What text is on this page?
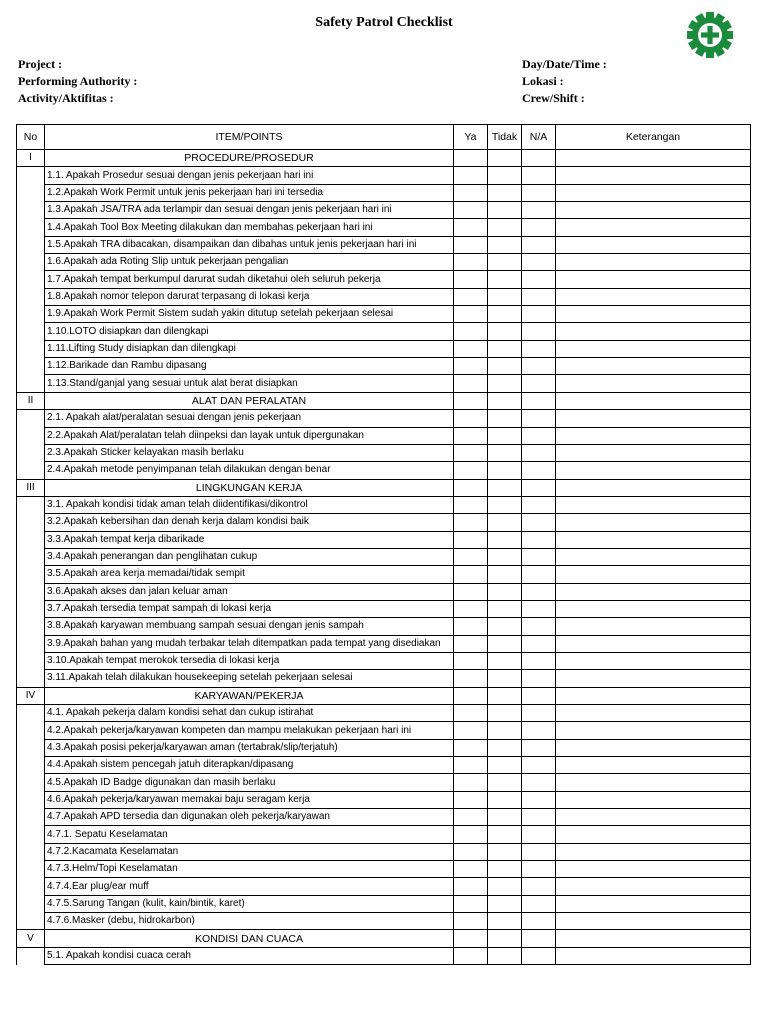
Safety Patrol Checklist
Project :
Performing Authority :
Activity/Aktifitas :
Day/Date/Time :
Lokasi :
Crew/Shift :
No	ITEM/POINTS	Ya	Tidak	N/A	Keterangan
I	PROCEDURE/PROSEDUR				
	1.1. Apakah Prosedur sesuai dengan jenis pekerjaan hari ini				
	1.2.Apakah Work Permit untuk jenis pekerjaan hari ini tersedia				
	1.3.Apakah JSA/TRA ada terlampir dan sesuai dengan jenis pekerjaan hari ini				
	1.4.Apakah Tool Box Meeting dilakukan dan membahas pekerjaan hari ini				
	1.5.Apakah TRA dibacakan, disampaikan dan dibahas untuk jenis pekerjaan hari ini				
	1.6.Apakah ada Roting Slip untuk pekerjaan pengalian				
	1.7.Apakah tempat berkumpul darurat sudah diketahui oleh seluruh pekerja				
	1.8.Apakah nomor telepon darurat terpasang di lokasi kerja				
	1.9.Apakah Work Permit Sistem sudah yakin ditutup setelah pekerjaan selesai				
	1.10.LOTO disiapkan dan dilengkapi				
	1.11.Lifting Study disiapkan dan dilengkapi				
	1.12.Barikade dan Rambu dipasang				
	1.13.Stand/ganjal yang sesuai untuk alat berat disiapkan				
II	ALAT DAN PERALATAN				
	2.1. Apakah alat/peralatan sesuai dengan jenis pekerjaan				
	2.2.Apakah Alat/peralatan telah diinpeksi dan layak untuk dipergunakan				
	2.3.Apakah Sticker kelayakan masih berlaku				
	2.4.Apakah metode penyimpanan telah dilakukan dengan benar				
III	LINGKUNGAN KERJA				
	3.1. Apakah kondisi tidak aman telah diidentifikasi/dikontrol				
	3.2.Apakah kebersihan dan denah kerja dalam kondisi baik				
	3.3.Apakah tempat kerja dibarikade				
	3.4.Apakah penerangan dan penglihatan cukup				
	3.5.Apakah area kerja memadai/tidak sempit				
	3.6.Apakah akses dan jalan keluar aman				
	3.7.Apakah tersedia tempat sampah di lokasi kerja				
	3.8.Apakah karyawan membuang sampah sesuai dengan jenis sampah				
	3.9.Apakah bahan yang mudah terbakar telah ditempatkan pada tempat yang disediakan				
	3.10.Apakah tempat merokok tersedia di lokasi kerja				
	3.11.Apakah telah dilakukan housekeeping setelah pekerjaan selesai				
IV	KARYAWAN/PEKERJA				
	4.1. Apakah pekerja dalam kondisi sehat dan cukup istirahat				
	4.2.Apakah pekerja/karyawan kompeten dan mampu melakukan pekerjaan hari ini				
	4.3.Apakah posisi pekerja/karyawan aman (tertabrak/slip/terjatuh)				
	4.4.Apakah sistem pencegah jatuh diterapkan/dipasang				
	4.5.Apakah ID Badge digunakan dan masih berlaku				
	4.6.Apakah pekerja/karyawan memakai baju seragam kerja				
	4.7.Apakah APD tersedia dan digunakan oleh pekerja/karyawan				
	4.7.1. Sepatu Keselamatan				
	4.7.2.Kacamata Keselamatan				
	4.7.3.Helm/Topi Keselamatan				
	4.7.4.Ear plug/ear muff				
	4.7.5.Sarung Tangan (kulit, kain/bintik, karet)				
	4.7.6.Masker (debu, hidrokarbon)				
V	KONDISI DAN CUACA				
	5.1. Apakah kondisi cuaca cerah				
